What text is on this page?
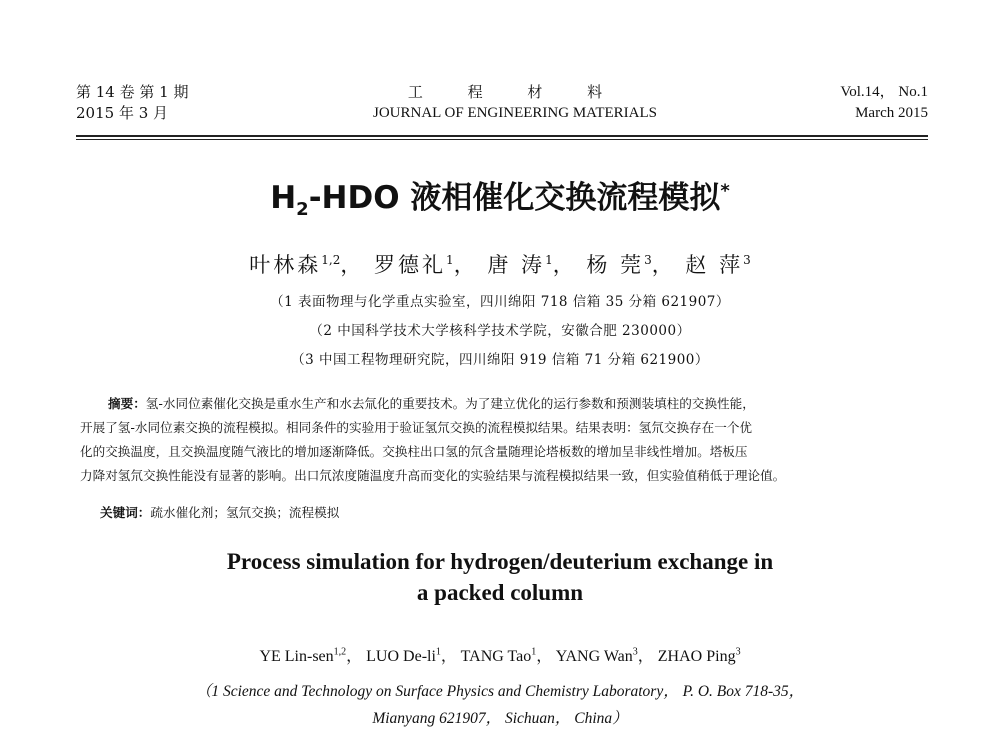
第 14 卷 第 1 期
2015 年 3 月
工 程 材 料
JOURNAL OF ENGINEERING MATERIALS
Vol.14， No.1
March 2015
$H_2$-HDO 液相催化交换流程模拟*
叶林森$^{1,2}$， 罗德礼$^1$， 唐 涛$^1$， 杨 莞$^3$， 赵 萍$^3$
（1 表面物理与化学重点实验室，四川绵阳 718 信箱 35 分箱 621907）
（2 中国科学技术大学核科学技术学院，安徽合肥 230000）
（3 中国工程物理研究院，四川绵阳 919 信箱 71 分箱 621900）
摘要：氢-水同位素催化交换是重水生产和水去氚化的重要技术。为了建立优化的运行参数和预测装填柱的交换性能，
开展了氢-水同位素交换的流程模拟。相同条件的实验用于验证氢氘交换的流程模拟结果。结果表明：氢氘交换存在一个优
化的交换温度，且交换温度随气液比的增加逐渐降低。交换柱出口氢的氘含量随理论塔板数的增加呈非线性增加。塔板压
力降对氢氘交换性能没有显著的影响。出口氘浓度随温度升高而变化的实验结果与流程模拟结果一致，但实验值稍低于理论值。
关键词：疏水催化剂；氢氘交换；流程模拟
Process simulation for hydrogen/deuterium exchange in
a packed column
YE Lin-sen$^{1,2}$， LUO $De-li^1$， TANG Tao$^1$， YANG Wan$^3$， ZHAO Ping$^3$
（1 Science and Technology on Surface Physics and Chemistry Laboratory， P. O. Box 718-35，
Mianyang 621907， Sichuan， China）
